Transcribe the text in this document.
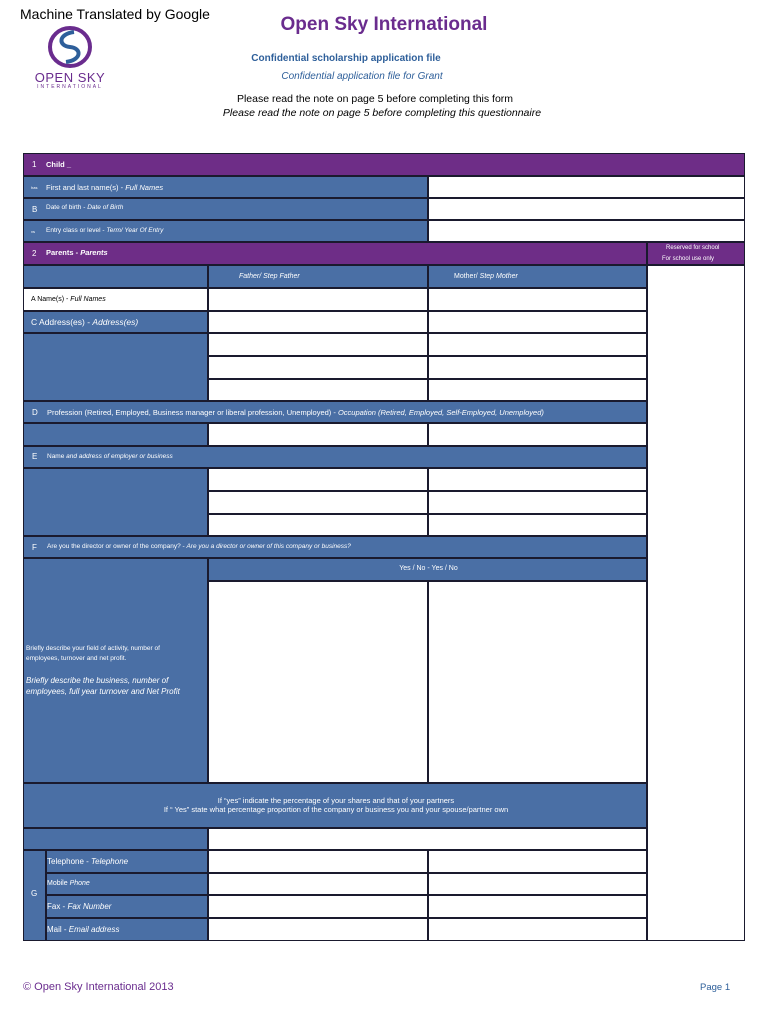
Machine Translated by Google
OPEN SKY
INTERNATIONAL
Open Sky International
Confidential scholarship application file
Confidential application file for Grant
Please read the note on page 5 before completing this form
Please read the note on page 5 before completing this questionnaire
1 Child _
has First and last name(s) - Full Names
B Date of birth - Date of Birth
vs Entry class or level - Term/ Year Of Entry
2 Parents - Parents	Reserved for school
For school use only
Father/ Step Father	Mother/ Step Mother
A Name(s) - Full Names
C Address(es) - Address(es)
D Profession (Retired, Employed, Business manager or liberal profession, Unemployed) - Occupation (Retired, Employed, Self-Employed, Unemployed)
E Name and address of employer or business
F Are you the director or owner of the company? - Are you a director or owner of this company or business?
Briefly describe your field of activity, number of
employees, turnover and net profit.
Briefly describe the business, number of
employees, full year turnover and Net Profit
Yes / No - Yes / No
If “yes” indicate the percentage of your shares and that of your partners
If “ Yes” state what percentage proportion of the company or business you and your spouse/partner own
G
Telephone - Telephone
Mobile Phone
Fax - Fax Number
Mail - Email address
© Open Sky International 2013	Page 1
